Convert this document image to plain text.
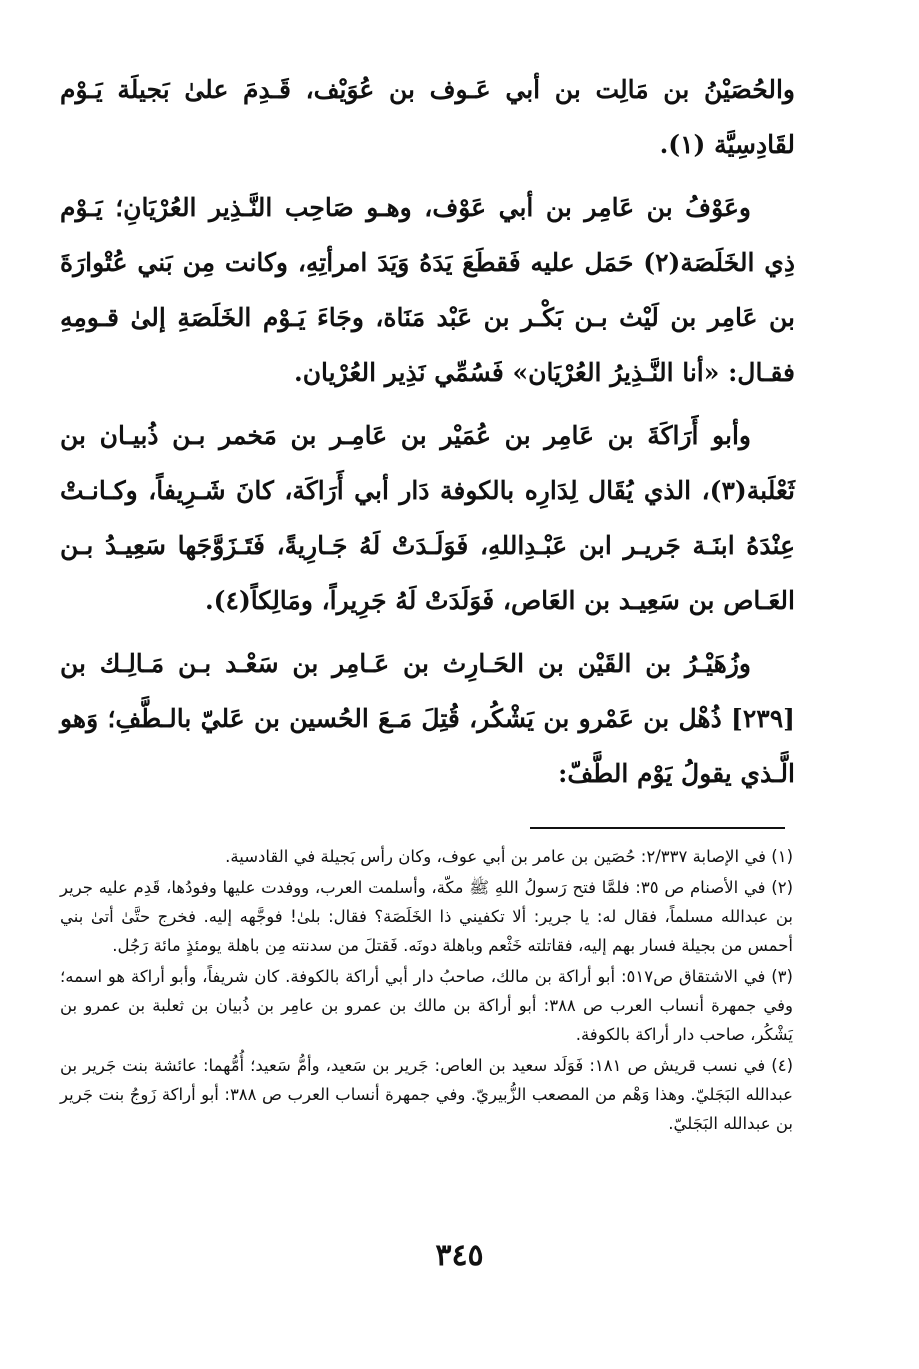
والحُصَيْنُ بن مَالِت بن أبي عَـوف بن عُوَيْف، قَـدِمَ علىٰ بَجيلَة يَـوْم لقَادِسِيَّة (١).

وعَوْفُ بن عَامِر بن أبي عَوْف، وهـو صَاحِب النَّـذِير العُرْيَانِ؛ يَـوْم ذِي الخَلَصَة(٢) حَمَل عليه فَقطَعَ يَدَهُ وَيَدَ امرأتِهِ، وكانت مِن بَني عُتْوارَةَ بن عَامِر بن لَيْث بـن بَكْـر بن عَبْد مَنَاة، وجَاءَ يَـوْم الخَلَصَةِ إلىٰ قـومِهِ فقـال: «أنا النَّـذِيرُ العُرْيَان» فَسُمِّي نَذِير العُرْيان.

وأبو أَرَاكَةَ بن عَامِر بن عُمَيْر بن عَامِـر بن مَخمر بـن ذُبيـان بن ثَعْلَبة(٣)، الذي يُقَال لِدَارِه بالكوفة دَار أبي أَرَاكَة، كانَ شَـرِيفاً، وكـانـتْ عِنْدَهُ ابنَـة جَريـر ابن عَبْـدِاللهِ، فَوَلَـدَتْ لَهُ جَـارِيةً، فَتَـزَوَّجَها سَعِيـدُ بـن العَـاص بن سَعِيـد بن العَاص، فَوَلَدَتْ لَهُ جَرِيراً، ومَالِكاً(٤).

وزُهَيْـرُ بن القَيْن بن الحَـارِث بن عَـامِر بن سَعْـد بـن مَـالِـك بن [٢٣٩] ذُهْل بن عَمْرو بن يَشْكُر، قُتِلَ مَـعَ الحُسين بن عَليّ بالـطَّفِ؛ وَهو الَّـذي يقولُ يَوْم الطَّفّ:

(١) في الإصابة ٢/٣٣٧: حُصَين بن عامر بن أبي عوف، وكان رأس بَجيلة في القادسية.

(٢) في الأصنام ص ٣٥: فلمَّا فتح رَسولُ اللهِ ﷺ مكّة، وأسلمت العرب، ووفدت عليها وفودُها، قَدِم عليه جرير بن عبدالله مسلماً، فقال له: يا جرير: ألا تكفيني ذا الخَلَصَة؟ فقال: بلىٰ! فوجَّهه إليه. فخرج حتَّىٰ أتىٰ بني أحمس من بجيلة فسار بهم إليه، فقاتلته خَثْعم وباهلة دونَه. فَقتلَ من سدنته مِن باهلة يومئذٍ مائة رَجُل.

(٣) في الاشتقاق ص٥١٧: أبو أراكة بن مالك، صاحبُ دار أبي أراكة بالكوفة. كان شريفاً، وأبو أراكة هو اسمه؛ وفي جمهرة أنساب العرب ص ٣٨٨: أبو أراكة بن مالك بن عمرو بن عامِر بن ذُبيان بن ثعلبة بن عمرو بن يَشْكُر، صاحب دار أراكة بالكوفة.

(٤) في نسب قريش ص ١٨١: فَوَلَد سعيد بن العاص: جَرير بن سَعيد، وأمُّ سَعيد؛ أُمُّهما: عائشة بنت جَرير بن عبدالله البَجَليّ. وهذا وَهْم من المصعب الزُّبيريّ. وفي جمهرة أنساب العرب ص ٣٨٨: أبو أراكة زَوجُ بنت جَرير بن عبدالله البَجَليّ.

٣٤٥
